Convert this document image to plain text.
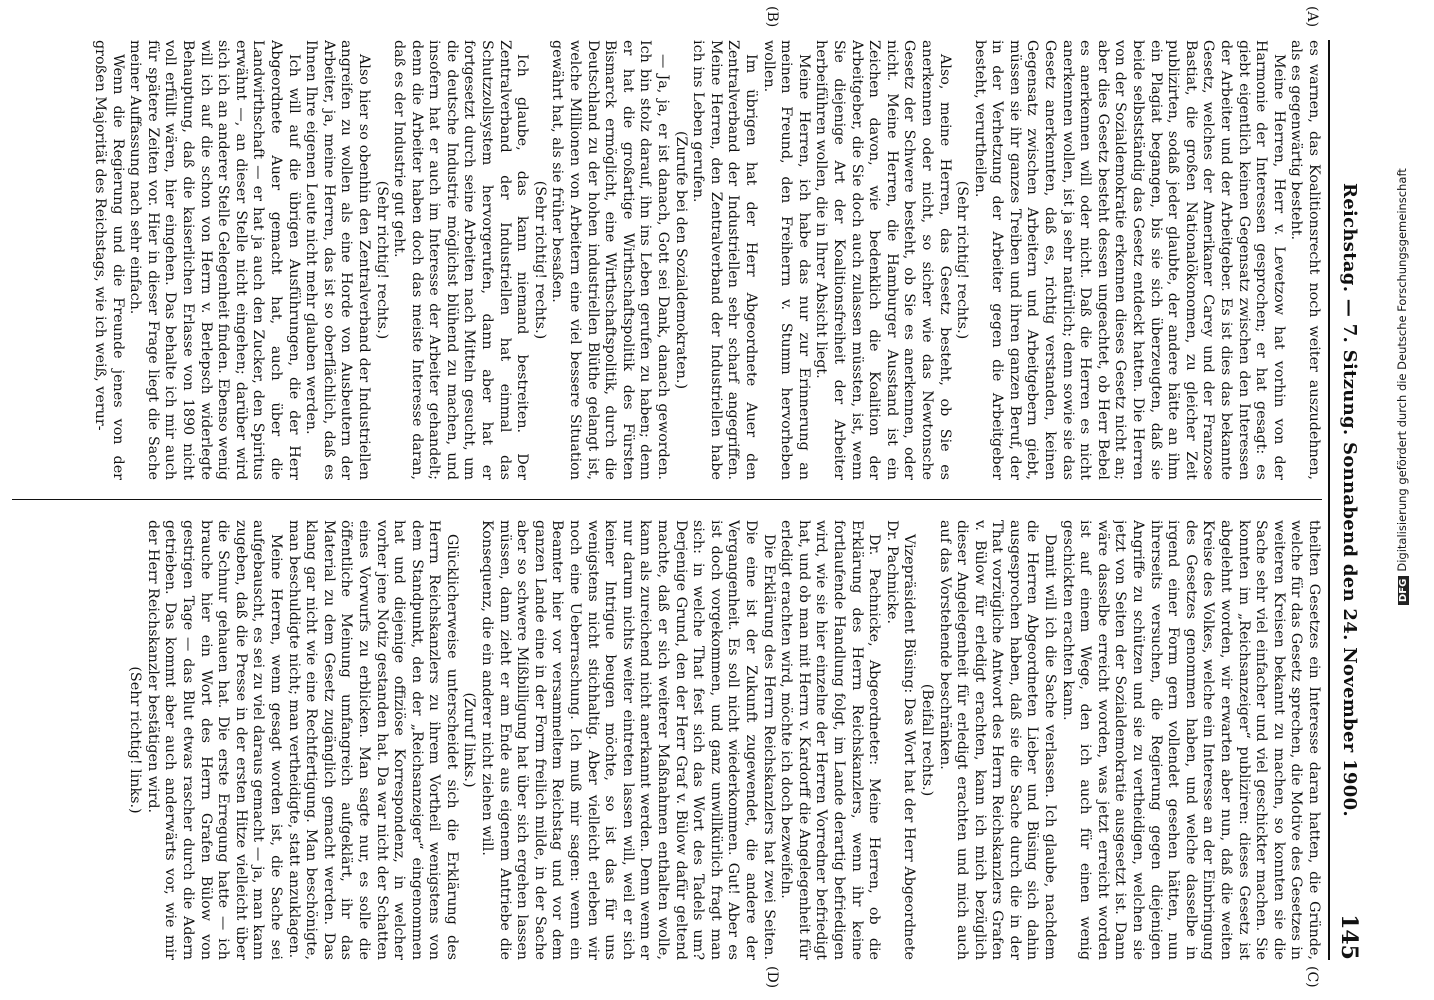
Reichstag. — 7. Sitzung. Sonnabend den 24. November 1900.
145
(A)
(B)
(C)
(D)

es warnen, das Koalitionsrecht noch weiter auszudehnen, als es gegenwärtig besteht.

Meine Herren, Herr v. Levetzow hat vorhin von der Harmonie der Interessen gesprochen; er hat gesagt: es giebt eigentlich keinen Gegensatz zwischen den Interessen der Arbeiter und der Arbeitgeber. Es ist dies das bekannte Gesetz, welches der Amerikaner Carey und der Franzose Bastiat, die großen Nationalökonomen, zu gleicher Zeit publizirten, sodaß jeder glaubte, der andere hätte an ihm ein Plagiat begangen, bis sie sich überzeugten, daß sie beide selbstständig das Gesetz entdeckt hatten. Die Herren von der Sozialdemokratie erkennen dieses Gesetz nicht an; aber dies Gesetz besteht dessen ungeachtet, ob Herr Bebel es anerkennen will oder nicht. Daß die Herren es nicht anerkennen wollen, ist ja sehr natürlich; denn sowie sie das Gesetz anerkennten, daß es, richtig verstanden, keinen Gegensatz zwischen Arbeitern und Arbeitgebern giebt, müssen sie ihr ganzes Treiben und ihren ganzen Beruf, der in der Verhetzung der Arbeiter gegen die Arbeitgeber besteht, verurtheilen.

(Sehr richtig! rechts.)

Also, meine Herren, das Gesetz besteht, ob Sie es anerkennen oder nicht, so sicher wie das Newtonsche Gesetz der Schwere besteht, ob Sie es anerkennen, oder nicht. Meine Herren, die Hamburger Ausstand ist ein Zeichen davon, wie bedenklich die Koalition der Arbeitgeber, die Sie doch auch zulassen müssten, ist, wenn Sie diejenige Art der Koalitionsfreiheit der Arbeiter herbeiführen wollen, die in Ihrer Absicht liegt.

Meine Herren, ich habe das nur zur Erinnerung an meinen Freund, den Freiherrn v. Stumm hervorheben wollen.

Im übrigen hat der Herr Abgeordnete Auer den Zentralverband der Industriellen sehr scharf angegriffen. Meine Herren, den Zentralverband der Industriellen habe ich ins Leben gerufen.

(Zurufe bei den Sozialdemokraten.)

— Ja, ja, er ist danach, Gott sei Dank, danach geworden. Ich bin stolz darauf, ihn ins Leben gerufen zu haben; denn er hat die großartige Wirthschaftspolitik des Fürsten Bismarck ermöglicht, eine Wirthschaftspolitik, durch die Deutschland zu der hohen industriellen Blüthe gelangt ist, welche Millionen von Arbeitern eine viel bessere Situation gewährt hat, als sie früher besaßen.

(Sehr richtig! rechts.)

Ich glaube, das kann niemand bestreiten. Der Zentralverband der Industriellen hat einmal das Schutzzollsystem hervorgerufen, dann aber hat er fortgesetzt durch seine Arbeiten nach Mitteln gesucht, um die deutsche Industrie möglichst blühend zu machen, und insofern hat er auch im Interesse der Arbeiter gehandelt; denn die Arbeiter haben doch das meiste Interesse daran, daß es der Industrie gut geht.

(Sehr richtig! rechts.)

Also hier so obenhin den Zentralverband der Industriellen angreifen zu wollen als eine Horde von Ausbeutern der Arbeiter, ja, meine Herren, das ist so oberflächlich, daß es Ihnen Ihre eigenen Leute nicht mehr glauben werden.

Ich will auf die übrigen Ausführungen, die der Herr Abgeordnete Auer gemacht hat, auch über die Landwirthschaft — er hat ja auch den Zucker, den Spiritus erwähnt —, an dieser Stelle nicht eingehen; darüber wird sich ich an anderer Stelle Gelegenheit finden. Ebenso wenig will ich auf die schon von Herrn v. Berlepsch widerlegte Behauptung, daß die kaiserlichen Erlasse von 1890 nicht voll erfüllt wären, hier eingehen. Das behalte ich mir auch für spätere Zeiten vor. Hier in dieser Frage liegt die Sache meiner Auffassung nach sehr einfach.

Wenn die Regierung und die Freunde jenes von der großen Majorität des Reichstags, wie ich weiß, verur-

theilten Gesetzes ein Interesse daran hatten, die Gründe, welche für das Gesetz sprechen, die Motive des Gesetzes in weiteren Kreisen bekannt zu machen, so konnten sie die Sache sehr viel einfacher und viel geschickter machen. Sie konnten im „Reichsanzeiger“ publiziren: dieses Gesetz ist abgelehnt worden, wir erwarten aber nun, daß die weiten Kreise des Volkes, welche ein Interesse an der Einbringung des Gesetzes genommen haben, und welche dasselbe in irgend einer Form gern vollendet gesehen hätten, nun ihrerseits versuchen, die Regierung gegen diejenigen Angriffe zu schützen und sie zu vertheidigen, welchen sie jetzt von Seiten der Sozialdemokratie ausgesetzt ist. Dann wäre dasselbe erreicht worden, was jetzt erreicht worden ist auf einem Wege, den ich auch für einen wenig geschickten erachten kann.

Damit will ich die Sache verlassen. Ich glaube, nachdem die Herren Abgeordneten Lieber und Büsing sich dahin ausgesprochen haben, daß sie die Sache durch die in der That vorzügliche Antwort des Herrn Reichskanzlers Grafen v. Bülow für erledigt erachten, kann ich mich bezüglich dieser Angelegenheit für erledigt erachten und mich auch auf das Vorstehende beschränken.

(Beifall rechts.)

Vizepräsident Büsing: Das Wort hat der Herr Abgeordnete Dr. Pachnicke.

Dr. Pachnicke, Abgeordneter: Meine Herren, ob die Erklärung des Herrn Reichskanzlers, wenn ihr keine fortlaufende Handlung folgt, im Lande derartig befriedigen wird, wie sie hier einzelne der Herren Vorredner befriedigt hat, und ob man mit Herrn v. Kardorff die Angelegenheit für erledigt erachten wird, möchte ich doch bezweifeln.

Die Erklärung des Herrn Reichskanzlers hat zwei Seiten. Die eine ist der Zukunft zugewendet, die andere der Vergangenheit. Es soll nicht wiederkommen. Gut! Aber es ist doch vorgekommen, und ganz unwillkürlich fragt man sich: in welche That fest sich das Wort des Tadels um? Derjenige Grund, den der Herr Graf v. Bülow dafür geltend machte, daß er sich weiterer Maßnahmen enthalten wolle, kann als zureichend nicht anerkannt werden. Denn wenn er nur darum nichts weiter eintreten lassen will, weil er sich keiner Intrigue beugen möchte, so ist das für uns wenigstens nicht stichhaltig. Aber vielleicht erleben wir noch eine Ueberraschung. Ich muß mir sagen: wenn ein Beamter hier vor versammeltem Reichstag und vor dem ganzen Lande eine in der Form freilich milde, in der Sache aber so schwere Mißbilligung hat über sich ergehen lassen müssen, dann zieht er am Ende aus eigenem Antriebe die Konsequenz, die ein anderer nicht ziehen will.

(Zuruf links.)

Glücklicherweise unterscheidet sich die Erklärung des Herrn Reichskanzlers zu ihrem Vortheil wenigstens von dem Standpunkt, den der „Reichsanzeiger“ eingenommen hat und diejenige offiziöse Korrespondenz, in welcher vorher jene Notiz gestanden hat. Da war nicht der Schatten eines Vorwurfs zu erblicken. Man sagte nur, es solle die öffentliche Meinung umfangreich aufgeklärt, ihr das Material zu dem Gesetz zugänglich gemacht werden. Das klang gar nicht wie eine Rechtfertigung. Man beschönigte, man beschuldigte nicht; man vertheidigte, statt anzuklagen.

Meine Herren, wenn gesagt worden ist, die Sache sei aufgebauscht, es sei zu viel daraus gemacht — ja, man kann zugeben, daß die Presse in der ersten Hitze vielleicht über die Schnur gehauen hat. Die erste Erregung hatte — ich brauche hier ein Wort des Herrn Grafen Bülow von gestrigen Tage — das Blut etwas rascher durch die Adern getrieben. Das kommt aber auch anderwärts vor, wie mir der Herr Reichskanzler bestätigen wird.

(Sehr richtig! links.)

DFGDigitalisierung gefördert durch die Deutsche Forschungsgemeinschaft
